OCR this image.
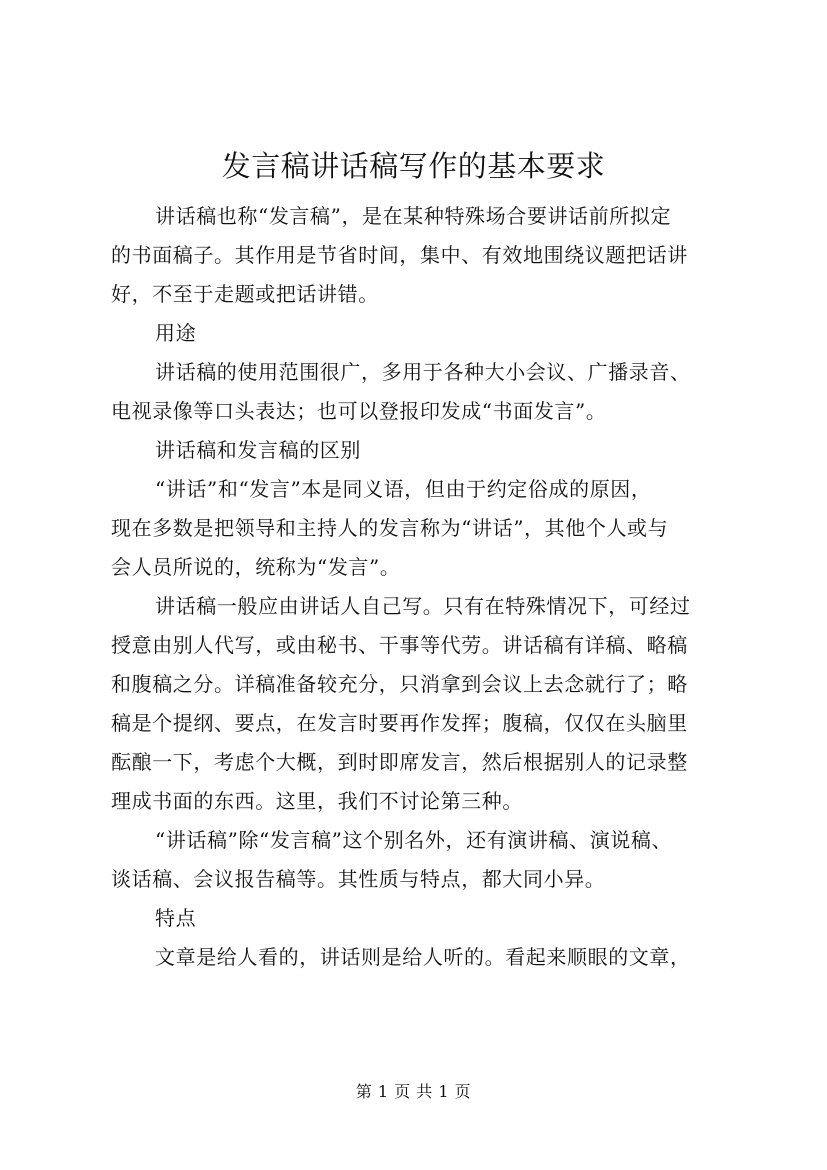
发言稿讲话稿写作的基本要求
讲话稿也称“发言稿”，是在某种特殊场合要讲话前所拟定
的书面稿子。其作用是节省时间，集中、有效地围绕议题把话讲
好，不至于走题或把话讲错。
用途
讲话稿的使用范围很广，多用于各种大小会议、广播录音、
电视录像等口头表达；也可以登报印发成“书面发言”。
讲话稿和发言稿的区别
“讲话”和“发言”本是同义语，但由于约定俗成的原因，
现在多数是把领导和主持人的发言称为“讲话”，其他个人或与
会人员所说的，统称为“发言”。
讲话稿一般应由讲话人自己写。只有在特殊情况下，可经过
授意由别人代写，或由秘书、干事等代劳。讲话稿有详稿、略稿
和腹稿之分。详稿准备较充分，只消拿到会议上去念就行了；略
稿是个提纲、要点，在发言时要再作发挥；腹稿，仅仅在头脑里
酝酿一下，考虑个大概，到时即席发言，然后根据别人的记录整
理成书面的东西。这里，我们不讨论第三种。
“讲话稿”除“发言稿”这个别名外，还有演讲稿、演说稿、
谈话稿、会议报告稿等。其性质与特点，都大同小异。
特点
文章是给人看的，讲话则是给人听的。看起来顺眼的文章，
第 1 页 共 1 页
